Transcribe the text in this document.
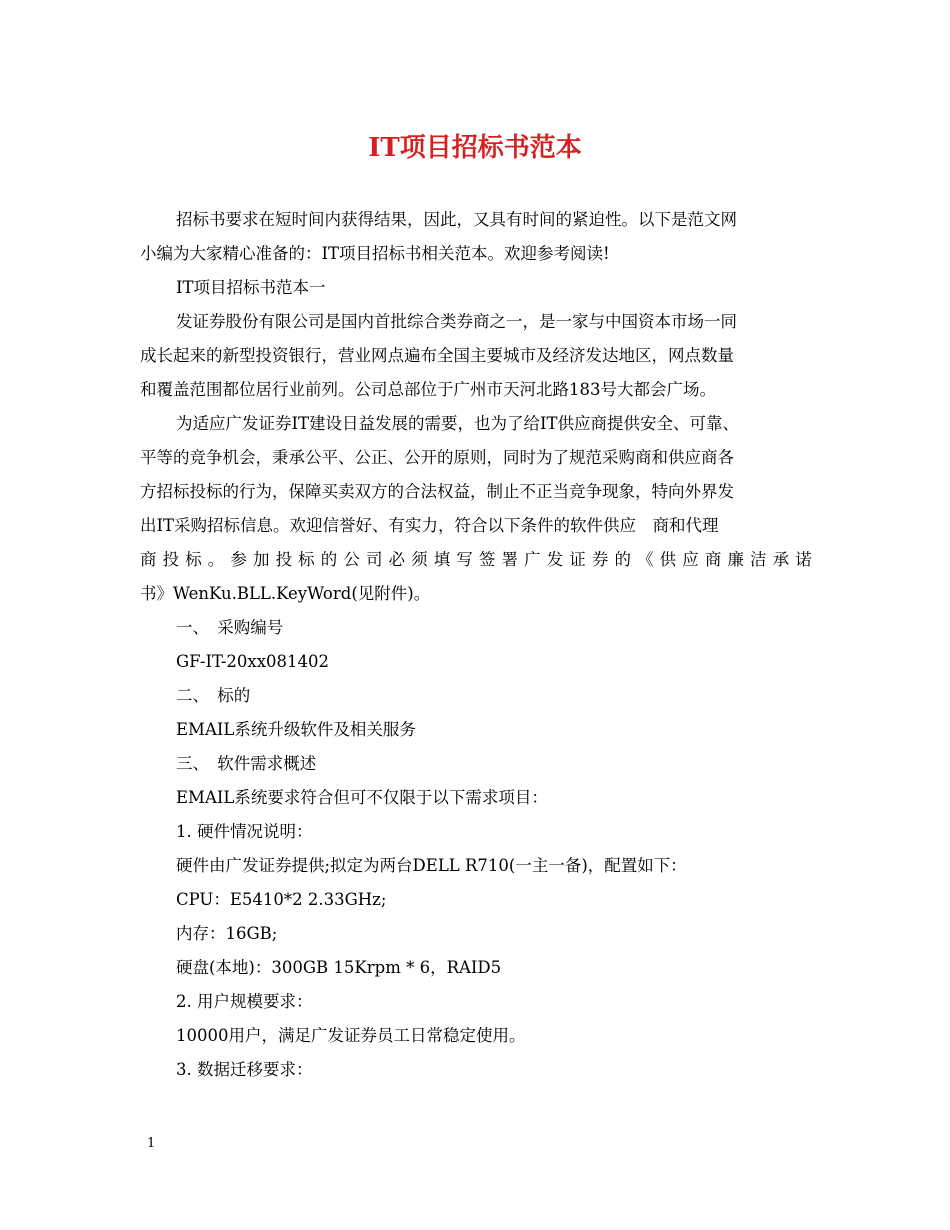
IT项目招标书范本

招标书要求在短时间内获得结果，因此，又具有时间的紧迫性。以下是范文网

小编为大家精心准备的：IT项目招标书相关范本。欢迎参考阅读!

IT项目招标书范本一

发证券股份有限公司是国内首批综合类券商之一，是一家与中国资本市场一同

成长起来的新型投资银行，营业网点遍布全国主要城市及经济发达地区，网点数量

和覆盖范围都位居行业前列。公司总部位于广州市天河北路183号大都会广场。

为适应广发证券IT建设日益发展的需要，也为了给IT供应商提供安全、可靠、

平等的竞争机会，秉承公平、公正、公开的原则，同时为了规范采购商和供应商各

方招标投标的行为，保障买卖双方的合法权益，制止不正当竞争现象，特向外界发

出IT采购招标信息。欢迎信誉好、有实力，符合以下条件的软件供应　商和代理

商 投 标 。 参 加 投 标 的 公 司 必 须 填 写 签 署 广 发 证 券 的 《 供 应 商 廉 洁 承 诺

书》WenKu.BLL.KeyWord(见附件)。

一、　采购编号

GF-IT-20xx081402

二、　标的

EMAIL系统升级软件及相关服务

三、　软件需求概述

EMAIL系统要求符合但可不仅限于以下需求项目：

1. 硬件情况说明：

硬件由广发证券提供;拟定为两台DELL R710(一主一备)，配置如下：

CPU：E5410*2 2.33GHz;

内存：16GB;

硬盘(本地)：300GB 15Krpm * 6，RAID5

2. 用户规模要求：

10000用户，满足广发证券员工日常稳定使用。

3. 数据迁移要求：

1
